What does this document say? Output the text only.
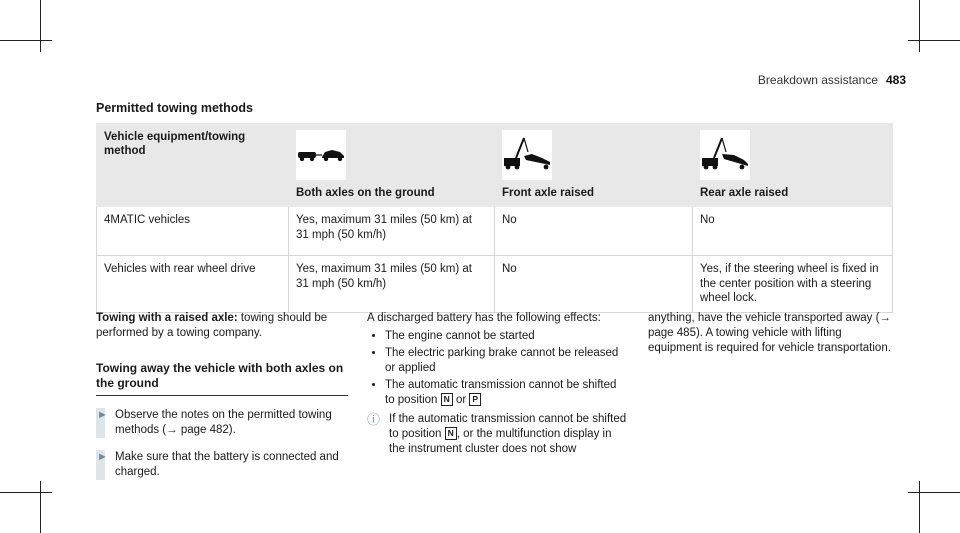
Breakdown assistance 483
Permitted towing methods
Vehicle equipment/towing method	Both axles on the ground	Front axle raised	Rear axle raised

4MATIC vehicles	Yes, maximum 31 miles (50 km) at 31 mph (50 km/h)	No	No
Vehicles with rear wheel drive	Yes, maximum 31 miles (50 km) at 31 mph (50 km/h)	No	Yes, if the steering wheel is fixed in the center position with a steering wheel lock.
Towing with a raised axle: towing should be performed by a towing company.
Towing away the vehicle with both axles on the ground
► Observe the notes on the permitted towing methods (→ page 482).
► Make sure that the battery is connected and charged.
A discharged battery has the following effects:
• The engine cannot be started
• The electric parking brake cannot be released or applied
• The automatic transmission cannot be shifted to position N or P
ⓘ If the automatic transmission cannot be shifted to position N , or the multifunction display in the instrument cluster does not show
anything, have the vehicle transported away (→ page 485). A towing vehicle with lifting equipment is required for vehicle transportation.
